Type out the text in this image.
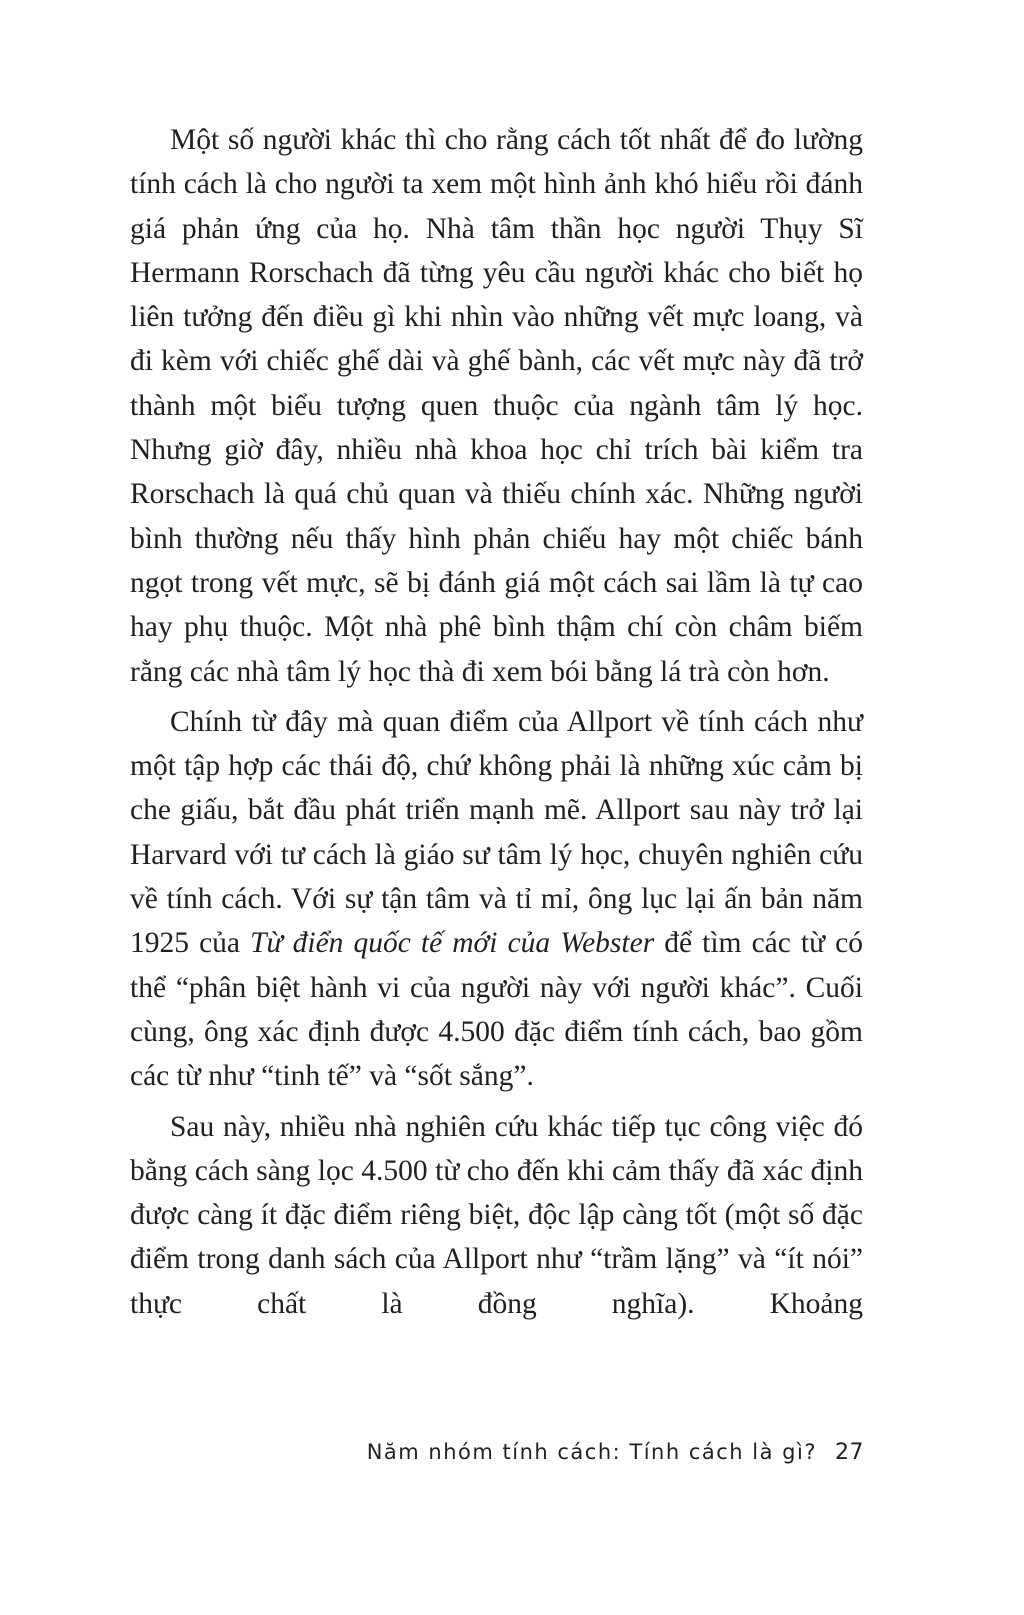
Một số người khác thì cho rằng cách tốt nhất để đo lường tính cách là cho người ta xem một hình ảnh khó hiểu rồi đánh giá phản ứng của họ. Nhà tâm thần học người Thụy Sĩ Hermann Rorschach đã từng yêu cầu người khác cho biết họ liên tưởng đến điều gì khi nhìn vào những vết mực loang, và đi kèm với chiếc ghế dài và ghế bành, các vết mực này đã trở thành một biểu tượng quen thuộc của ngành tâm lý học. Nhưng giờ đây, nhiều nhà khoa học chỉ trích bài kiểm tra Rorschach là quá chủ quan và thiếu chính xác. Những người bình thường nếu thấy hình phản chiếu hay một chiếc bánh ngọt trong vết mực, sẽ bị đánh giá một cách sai lầm là tự cao hay phụ thuộc. Một nhà phê bình thậm chí còn châm biếm rằng các nhà tâm lý học thà đi xem bói bằng lá trà còn hơn.

Chính từ đây mà quan điểm của Allport về tính cách như một tập hợp các thái độ, chứ không phải là những xúc cảm bị che giấu, bắt đầu phát triển mạnh mẽ. Allport sau này trở lại Harvard với tư cách là giáo sư tâm lý học, chuyên nghiên cứu về tính cách. Với sự tận tâm và tỉ mỉ, ông lục lại ấn bản năm 1925 của Từ điển quốc tế mới của Webster để tìm các từ có thể “phân biệt hành vi của người này với người khác”. Cuối cùng, ông xác định được 4.500 đặc điểm tính cách, bao gồm các từ như “tinh tế” và “sốt sắng”.

Sau này, nhiều nhà nghiên cứu khác tiếp tục công việc đó bằng cách sàng lọc 4.500 từ cho đến khi cảm thấy đã xác định được càng ít đặc điểm riêng biệt, độc lập càng tốt (một số đặc điểm trong danh sách của Allport như “trầm lặng” và “ít nói” thực chất là đồng nghĩa). Khoảng

Năm nhóm tính cách: Tính cách là gì? 27
